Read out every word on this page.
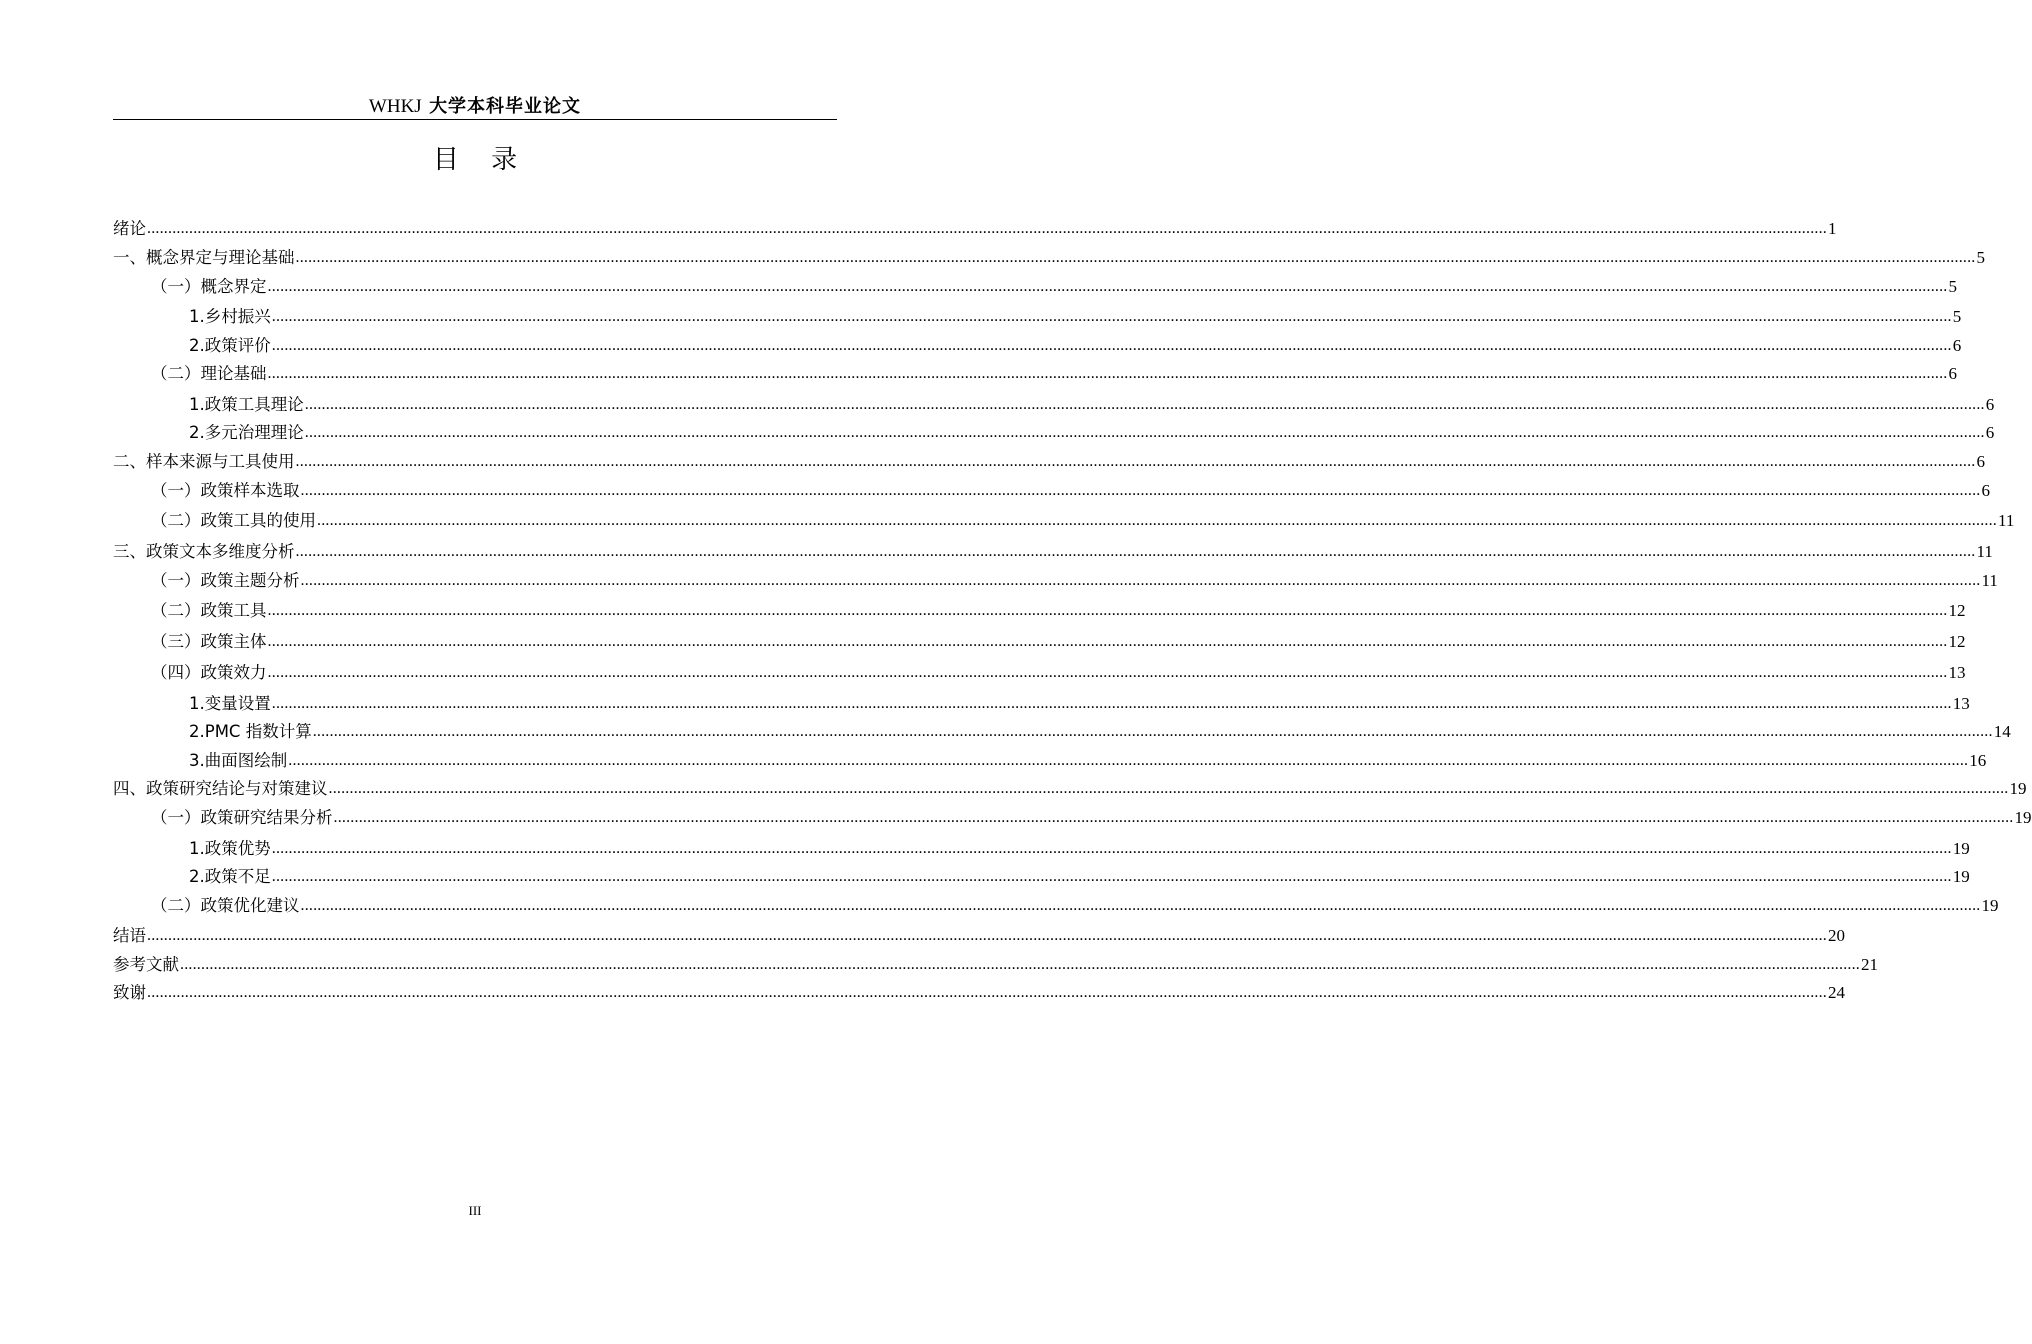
WHKJ 大学本科毕业论文
目 录
绪论 ................................................................................................................................................................................................................................................................................................................................................................................................................ 1
一、概念界定与理论基础 ................................................................................................................................................................................................................................................................................................................................................................................................................ 5
（一）概念界定 ................................................................................................................................................................................................................................................................................................................................................................................................................ 5
1.乡村振兴 ................................................................................................................................................................................................................................................................................................................................................................................................................ 5
2.政策评价 ................................................................................................................................................................................................................................................................................................................................................................................................................ 6
（二）理论基础 ................................................................................................................................................................................................................................................................................................................................................................................................................ 6
1.政策工具理论 ................................................................................................................................................................................................................................................................................................................................................................................................................ 6
2.多元治理理论 ................................................................................................................................................................................................................................................................................................................................................................................................................ 6
二、样本来源与工具使用 ................................................................................................................................................................................................................................................................................................................................................................................................................ 6
（一）政策样本选取 ................................................................................................................................................................................................................................................................................................................................................................................................................ 6
（二）政策工具的使用 ................................................................................................................................................................................................................................................................................................................................................................................................................ 11
三、政策文本多维度分析 ................................................................................................................................................................................................................................................................................................................................................................................................................ 11
（一）政策主题分析 ................................................................................................................................................................................................................................................................................................................................................................................................................ 11
（二）政策工具 ................................................................................................................................................................................................................................................................................................................................................................................................................ 12
（三）政策主体 ................................................................................................................................................................................................................................................................................................................................................................................................................ 12
（四）政策效力 ................................................................................................................................................................................................................................................................................................................................................................................................................ 13
1.变量设置 ................................................................................................................................................................................................................................................................................................................................................................................................................ 13
2.PMC 指数计算 ................................................................................................................................................................................................................................................................................................................................................................................................................ 14
3.曲面图绘制 ................................................................................................................................................................................................................................................................................................................................................................................................................ 16
四、政策研究结论与对策建议 ................................................................................................................................................................................................................................................................................................................................................................................................................ 19
（一）政策研究结果分析 ................................................................................................................................................................................................................................................................................................................................................................................................................ 19
1.政策优势 ................................................................................................................................................................................................................................................................................................................................................................................................................ 19
2.政策不足 ................................................................................................................................................................................................................................................................................................................................................................................................................ 19
（二）政策优化建议 ................................................................................................................................................................................................................................................................................................................................................................................................................ 19
结语 ................................................................................................................................................................................................................................................................................................................................................................................................................ 20
参考文献 ................................................................................................................................................................................................................................................................................................................................................................................................................ 21
致谢 ................................................................................................................................................................................................................................................................................................................................................................................................................ 24
III
